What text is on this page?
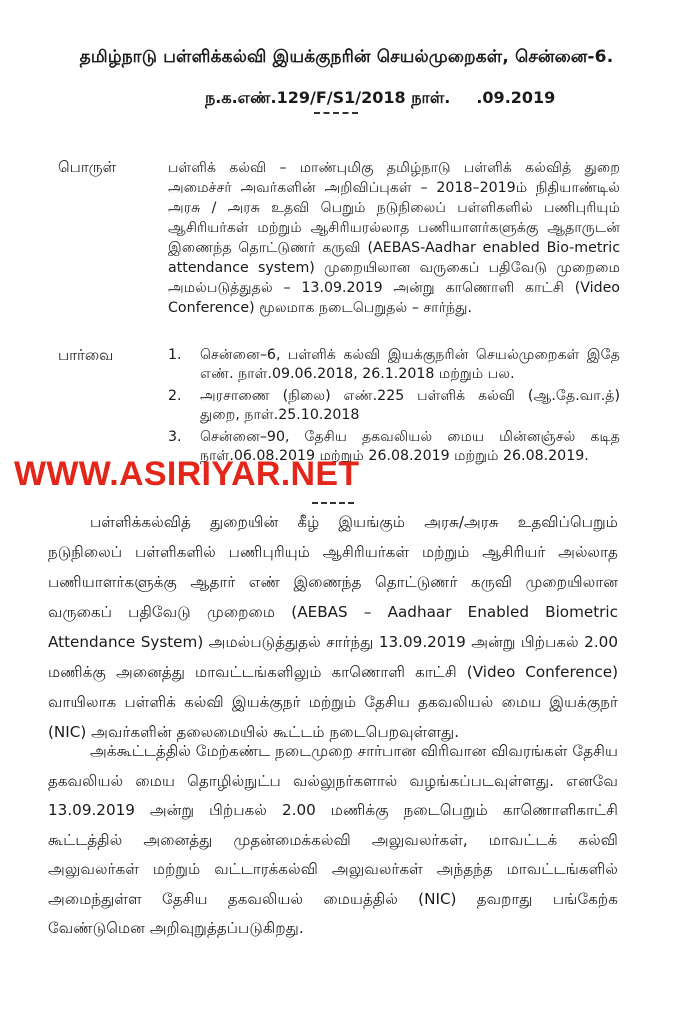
தமிழ்நாடு பள்ளிக்கல்வி இயக்குநரின் செயல்முறைகள், சென்னை-6.
ந.க.எண்.129/F/S1/2018 நாள். .09.2019
பொருள்	பள்ளிக் கல்வி – மாண்புமிகு தமிழ்நாடு பள்ளிக் கல்வித் துறை அமைச்சர் அவர்களின் அறிவிப்புகள் – 2018–2019ம் நிதியாண்டில் அரசு / அரசு உதவி பெறும் நடுநிலைப் பள்ளிகளில் பணிபுரியும் ஆசிரியர்கள் மற்றும் ஆசிரியரல்லாத பணியாளர்களுக்கு ஆதாருடன் இணைந்த தொட்டுணர் கருவி (AEBAS-Aadhar enabled Bio-metric attendance system) முறையிலான வருகைப் பதிவேடு முறைமை அமல்படுத்துதல் – 13.09.2019 அன்று காணொளி காட்சி (Video Conference) மூலமாக நடைபெறுதல் – சார்ந்து.
பார்வை	1. சென்னை–6, பள்ளிக் கல்வி இயக்குநரின் செயல்முறைகள் இதே எண். நாள்.09.06.2018, 26.1.2018 மற்றும் பல.
2. அரசாணை (நிலை) எண்.225 பள்ளிக் கல்வி (ஆ.தே.வா.த்) துறை, நாள்.25.10.2018
3. சென்னை–90, தேசிய தகவலியல் மைய மின்னஞ்சல் கடித நாள்.06.08.2019 மற்றும் 26.08.2019 மற்றும் 26.08.2019.
WWW.ASIRIYAR.NET
பள்ளிக்கல்வித் துறையின் கீழ் இயங்கும் அரசு/அரசு உதவிப்பெறும் நடுநிலைப் பள்ளிகளில் பணிபுரியும் ஆசிரியர்கள் மற்றும் ஆசிரியர் அல்லாத பணியாளர்களுக்கு ஆதார் எண் இணைந்த தொட்டுணர் கருவி முறையிலான வருகைப் பதிவேடு முறைமை (AEBAS – Aadhaar Enabled Biometric Attendance System) அமல்படுத்துதல் சார்ந்து 13.09.2019 அன்று பிற்பகல் 2.00 மணிக்கு அனைத்து மாவட்டங்களிலும் காணொளி காட்சி (Video Conference) வாயிலாக பள்ளிக் கல்வி இயக்குநர் மற்றும் தேசிய தகவலியல் மைய இயக்குநர் (NIC) அவர்களின் தலைமையில் கூட்டம் நடைபெறவுள்ளது.
அக்கூட்டத்தில் மேற்கண்ட நடைமுறை சார்பான விரிவான விவரங்கள் தேசிய தகவலியல் மைய தொழில்நுட்ப வல்லுநர்களால் வழங்கப்படவுள்ளது. எனவே 13.09.2019 அன்று பிற்பகல் 2.00 மணிக்கு நடைபெறும் காணொளிகாட்சி கூட்டத்தில் அனைத்து முதன்மைக்கல்வி அலுவலர்கள், மாவட்டக் கல்வி அலுவலர்கள் மற்றும் வட்டாரக்கல்வி அலுவலர்கள் அந்தந்த மாவட்டங்களில் அமைந்துள்ள தேசிய தகவலியல் மையத்தில் (NIC) தவறாது பங்கேற்க வேண்டுமென அறிவுறுத்தப்படுகிறது.
